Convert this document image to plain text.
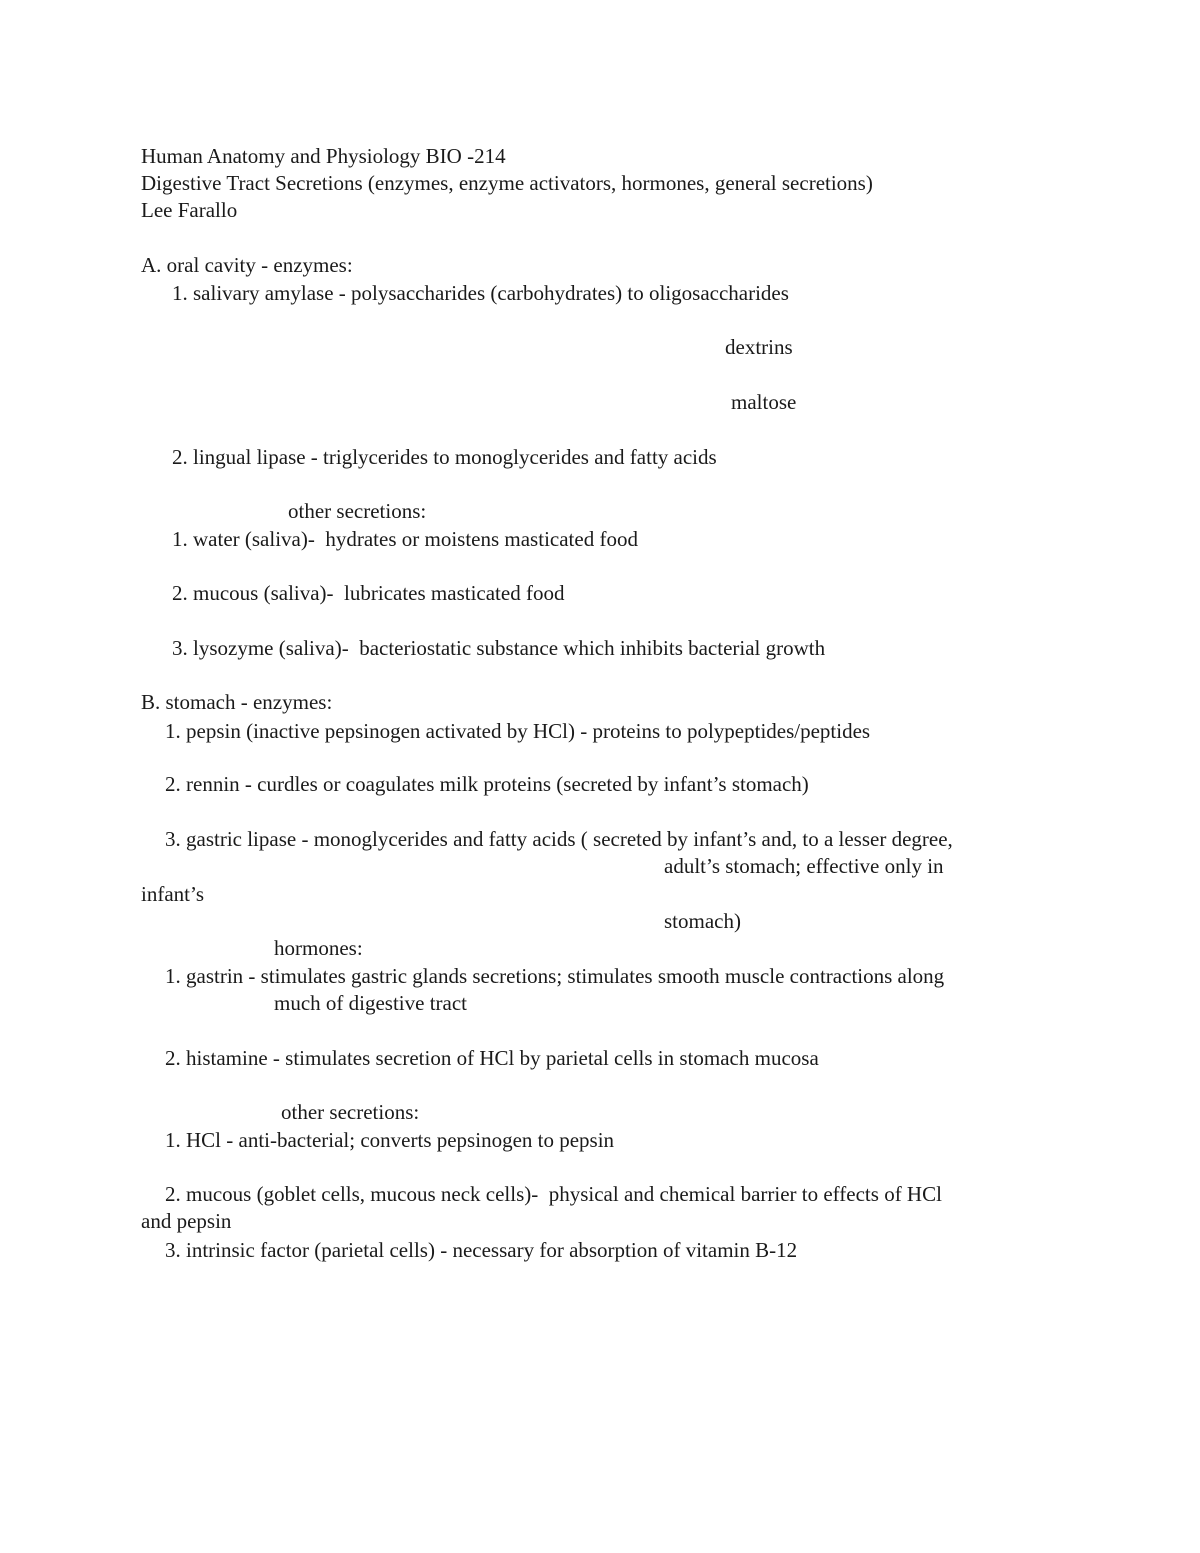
Human Anatomy and Physiology BIO -214
Digestive Tract Secretions (enzymes, enzyme activators, hormones, general secretions)
Lee Farallo
A. oral cavity - enzymes:
1. salivary amylase - polysaccharides (carbohydrates) to oligosaccharides
dextrins
maltose
2. lingual lipase - triglycerides to monoglycerides and fatty acids
other secretions:
1. water (saliva)-  hydrates or moistens masticated food
2. mucous (saliva)-  lubricates masticated food
3. lysozyme (saliva)-  bacteriostatic substance which inhibits bacterial growth
B. stomach - enzymes:
1. pepsin (inactive pepsinogen activated by HCl) - proteins to polypeptides/peptides
2. rennin - curdles or coagulates milk proteins (secreted by infant’s stomach)
3. gastric lipase - monoglycerides and fatty acids ( secreted by infant’s and, to a lesser degree,
adult’s stomach; effective only in
infant’s
stomach)
hormones:
1. gastrin - stimulates gastric glands secretions; stimulates smooth muscle contractions along
much of digestive tract
2. histamine - stimulates secretion of HCl by parietal cells in stomach mucosa
other secretions:
1. HCl - anti-bacterial; converts pepsinogen to pepsin
2. mucous (goblet cells, mucous neck cells)-  physical and chemical barrier to effects of HCl
and pepsin
3. intrinsic factor (parietal cells) - necessary for absorption of vitamin B-12
